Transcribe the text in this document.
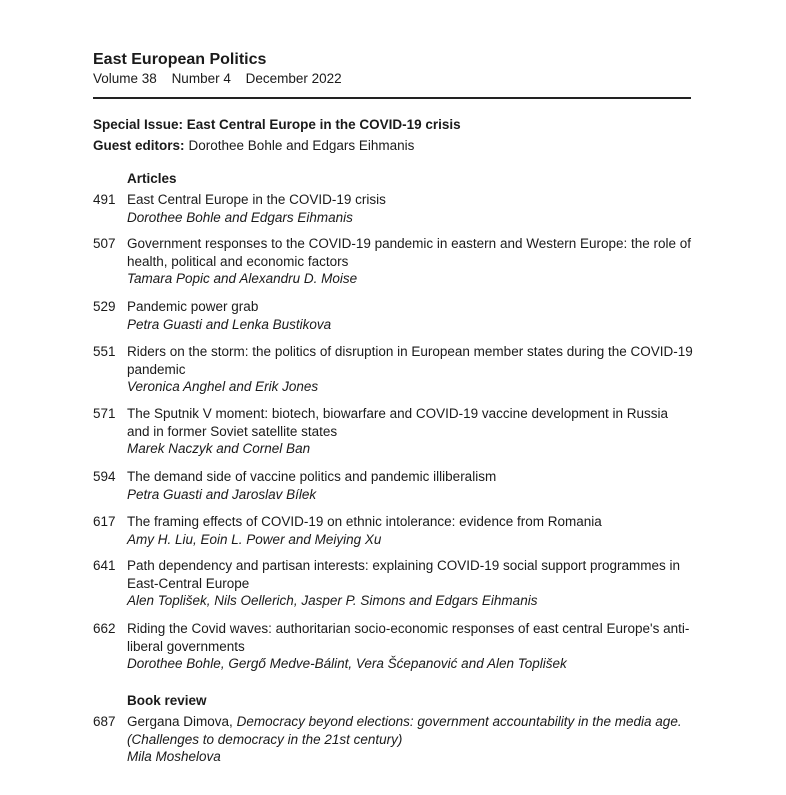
East European Politics
Volume 38 Number 4 December 2022
Special Issue: East Central Europe in the COVID-19 crisis
Guest editors: Dorothee Bohle and Edgars Eihmanis
Articles
491 East Central Europe in the COVID-19 crisis
Dorothee Bohle and Edgars Eihmanis
507 Government responses to the COVID-19 pandemic in eastern and Western Europe: the role of health, political and economic factors
Tamara Popic and Alexandru D. Moise
529 Pandemic power grab
Petra Guasti and Lenka Bustikova
551 Riders on the storm: the politics of disruption in European member states during the COVID-19 pandemic
Veronica Anghel and Erik Jones
571 The Sputnik V moment: biotech, biowarfare and COVID-19 vaccine development in Russia and in former Soviet satellite states
Marek Naczyk and Cornel Ban
594 The demand side of vaccine politics and pandemic illiberalism
Petra Guasti and Jaroslav Bílek
617 The framing effects of COVID-19 on ethnic intolerance: evidence from Romania
Amy H. Liu, Eoin L. Power and Meiying Xu
641 Path dependency and partisan interests: explaining COVID-19 social support programmes in East-Central Europe
Alen Toplišek, Nils Oellerich, Jasper P. Simons and Edgars Eihmanis
662 Riding the Covid waves: authoritarian socio-economic responses of east central Europe's anti-liberal governments
Dorothee Bohle, Gergő Medve-Bálint, Vera Šćepanović and Alen Toplišek
Book review
687 Gergana Dimova, Democracy beyond elections: government accountability in the media age. (Challenges to democracy in the 21st century)
Mila Moshelova
